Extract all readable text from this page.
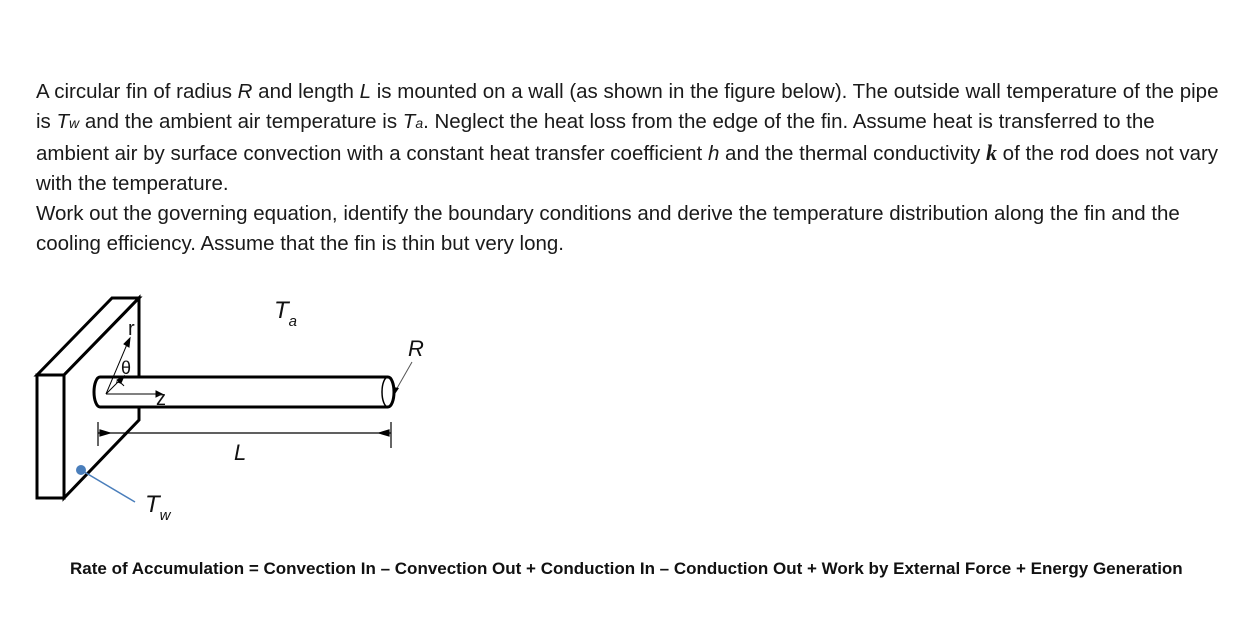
A circular fin of radius R and length L is mounted on a wall (as shown in the figure below). The outside wall temperature of the pipe is Tw and the ambient air temperature is Ta. Neglect the heat loss from the edge of the fin. Assume heat is transferred to the ambient air by surface convection with a constant heat transfer coefficient h and the thermal conductivity k of the rod does not vary with the temperature.

Work out the governing equation, identify the boundary conditions and derive the temperature distribution along the fin and the cooling efficiency. Assume that the fin is thin but very long.

r
θ
z
R
$T_a$
L
$T_w$
Rate of Accumulation = Convection In – Convection Out + Conduction In – Conduction Out + Work by External Force + Energy Generation
